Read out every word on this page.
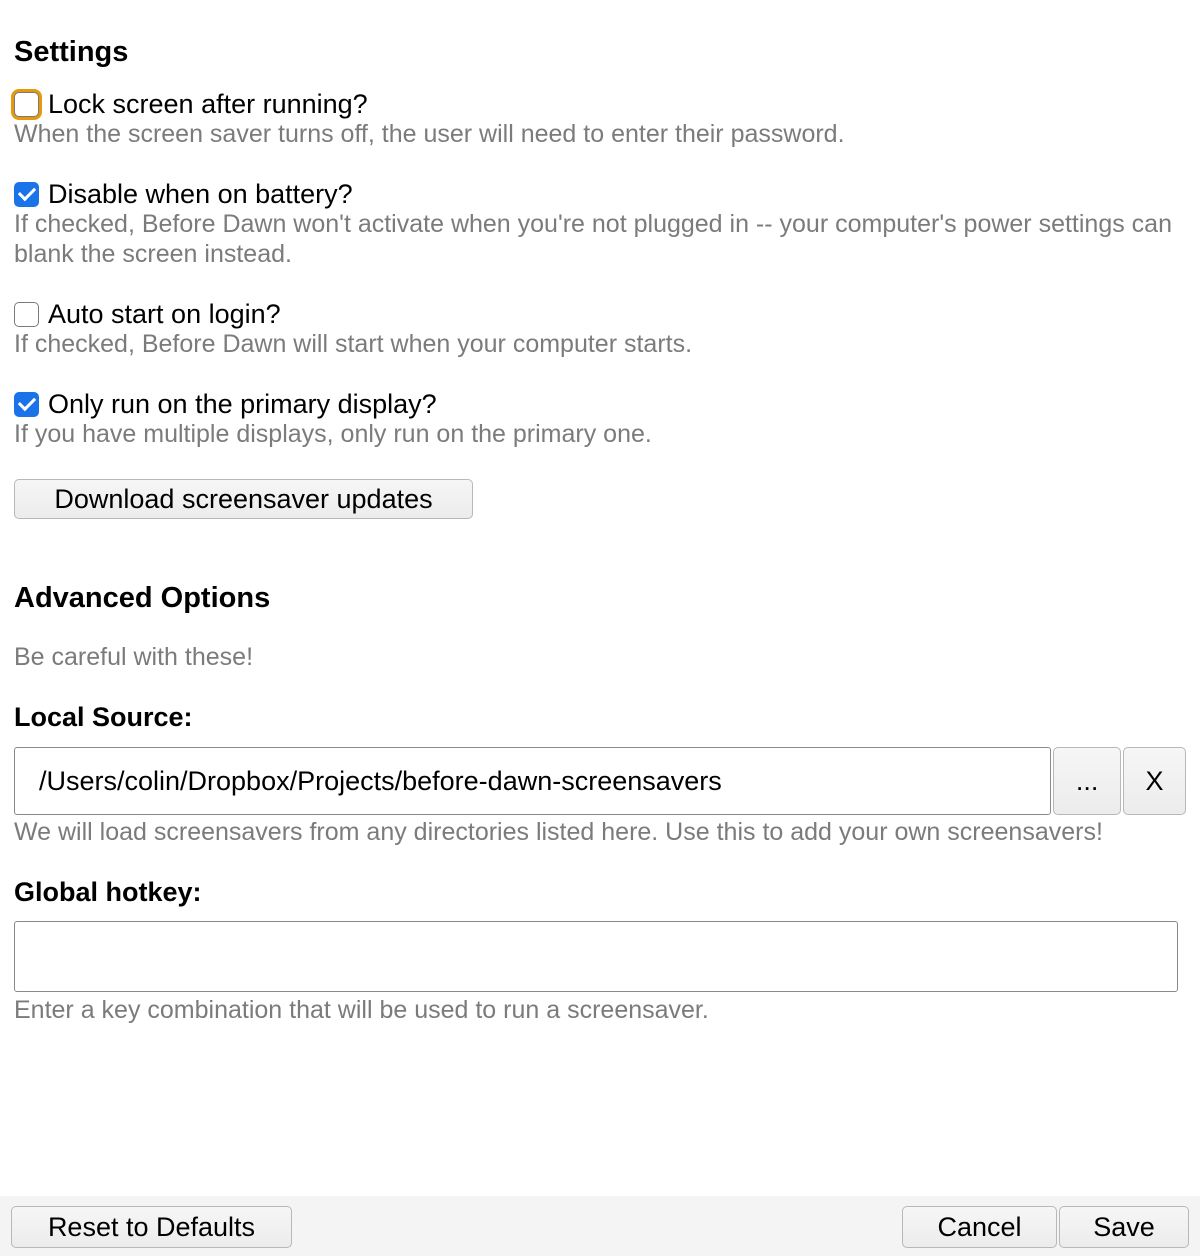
Settings
Lock screen after running?
When the screen saver turns off, the user will need to enter their password.
Disable when on battery?
If checked, Before Dawn won't activate when you're not plugged in -- your computer's power settings can blank the screen instead.
Auto start on login?
If checked, Before Dawn will start when your computer starts.
Only run on the primary display?
If you have multiple displays, only run on the primary one.
Download screensaver updates
Advanced Options
Be careful with these!
Local Source:
/Users/colin/Dropbox/Projects/before-dawn-screensavers	...	X
We will load screensavers from any directories listed here. Use this to add your own screensavers!
Global hotkey:
Enter a key combination that will be used to run a screensaver.
Reset to Defaults	Cancel	Save
